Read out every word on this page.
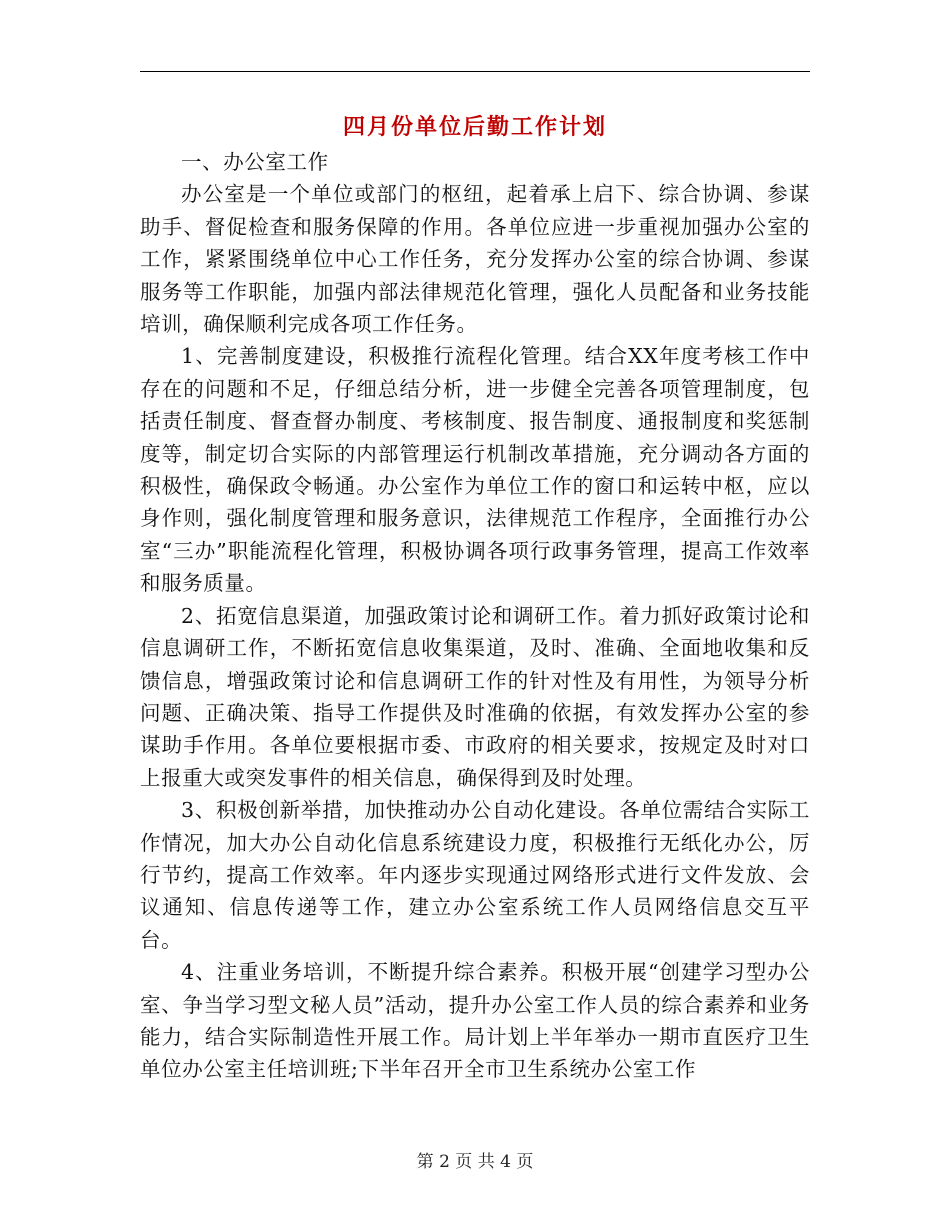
四月份单位后勤工作计划

一、办公室工作

办公室是一个单位或部门的枢纽，起着承上启下、综合协调、参谋助手、督促检查和服务保障的作用。各单位应进一步重视加强办公室的工作，紧紧围绕单位中心工作任务，充分发挥办公室的综合协调、参谋服务等工作职能，加强内部法律规范化管理，强化人员配备和业务技能培训，确保顺利完成各项工作任务。

1、完善制度建设，积极推行流程化管理。结合XX年度考核工作中存在的问题和不足，仔细总结分析，进一步健全完善各项管理制度，包括责任制度、督查督办制度、考核制度、报告制度、通报制度和奖惩制度等，制定切合实际的内部管理运行机制改革措施，充分调动各方面的积极性，确保政令畅通。办公室作为单位工作的窗口和运转中枢，应以身作则，强化制度管理和服务意识，法律规范工作程序，全面推行办公室“三办”职能流程化管理，积极协调各项行政事务管理，提高工作效率和服务质量。

2、拓宽信息渠道，加强政策讨论和调研工作。着力抓好政策讨论和信息调研工作，不断拓宽信息收集渠道，及时、准确、全面地收集和反馈信息，增强政策讨论和信息调研工作的针对性及有用性，为领导分析问题、正确决策、指导工作提供及时准确的依据，有效发挥办公室的参谋助手作用。各单位要根据市委、市政府的相关要求，按规定及时对口上报重大或突发事件的相关信息，确保得到及时处理。

3、积极创新举措，加快推动办公自动化建设。各单位需结合实际工作情况，加大办公自动化信息系统建设力度，积极推行无纸化办公，厉行节约，提高工作效率。年内逐步实现通过网络形式进行文件发放、会议通知、信息传递等工作，建立办公室系统工作人员网络信息交互平台。

4、注重业务培训，不断提升综合素养。积极开展“创建学习型办公室、争当学习型文秘人员”活动，提升办公室工作人员的综合素养和业务能力，结合实际制造性开展工作。局计划上半年举办一期市直医疗卫生单位办公室主任培训班;下半年召开全市卫生系统办公室工作

第 2 页 共 4 页
